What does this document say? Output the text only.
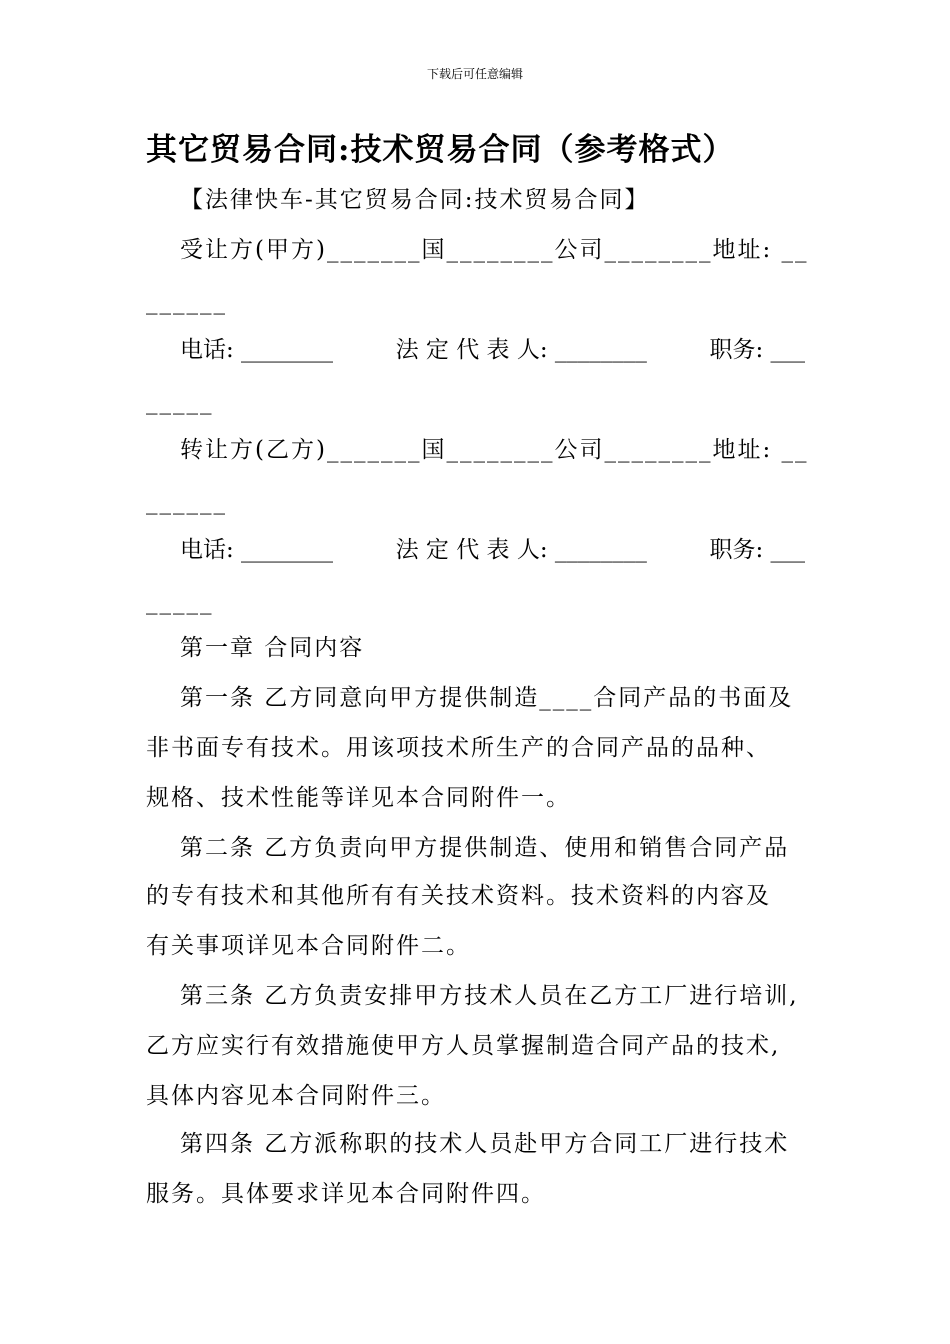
下载后可任意编辑
其它贸易合同:技术贸易合同（参考格式）
【法律快车-其它贸易合同:技术贸易合同】
受让方(甲方)_______国________公司________地址: __
______
电话: ________	法 定 代 表 人: ________	职务: ___
_____
转让方(乙方)_______国________公司________地址: __
______
电话: ________	法 定 代 表 人: ________	职务: ___
_____
第一章 合同内容
第一条 乙方同意向甲方提供制造____合同产品的书面及
非书面专有技术。用该项技术所生产的合同产品的品种、
规格、技术性能等详见本合同附件一。
第二条 乙方负责向甲方提供制造、使用和销售合同产品
的专有技术和其他所有有关技术资料。技术资料的内容及
有关事项详见本合同附件二。
第三条 乙方负责安排甲方技术人员在乙方工厂进行培训,
乙方应实行有效措施使甲方人员掌握制造合同产品的技术,
具体内容见本合同附件三。
第四条 乙方派称职的技术人员赴甲方合同工厂进行技术
服务。具体要求详见本合同附件四。
